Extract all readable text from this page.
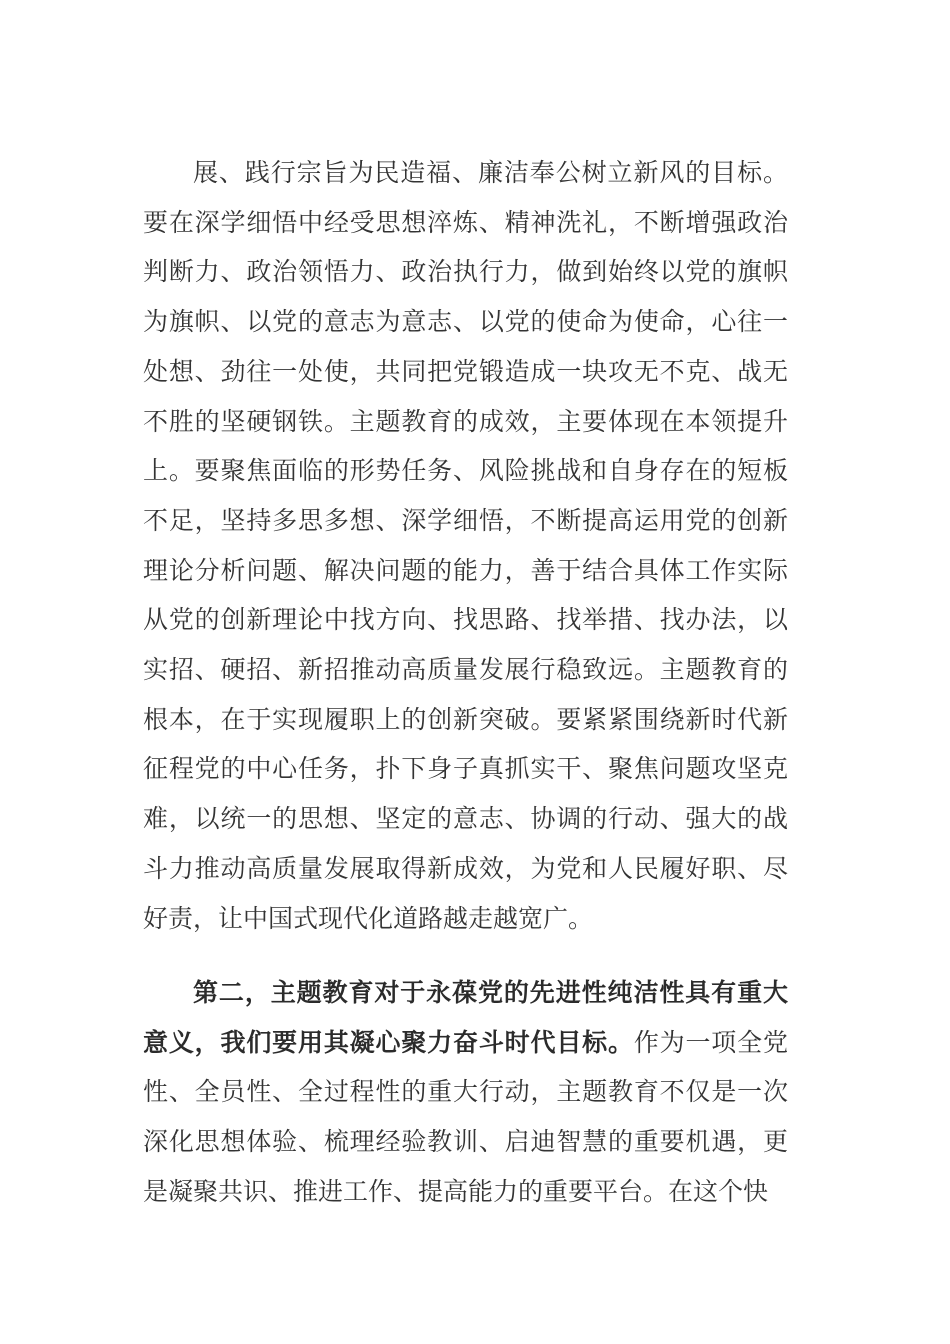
展、践行宗旨为民造福、廉洁奉公树立新风的目标。要在深学细悟中经受思想淬炼、精神洗礼，不断增强政治判断力、政治领悟力、政治执行力，做到始终以党的旗帜为旗帜、以党的意志为意志、以党的使命为使命，心往一处想、劲往一处使，共同把党锻造成一块攻无不克、战无不胜的坚硬钢铁。主题教育的成效，主要体现在本领提升上。要聚焦面临的形势任务、风险挑战和自身存在的短板不足，坚持多思多想、深学细悟，不断提高运用党的创新理论分析问题、解决问题的能力，善于结合具体工作实际从党的创新理论中找方向、找思路、找举措、找办法，以实招、硬招、新招推动高质量发展行稳致远。主题教育的根本，在于实现履职上的创新突破。要紧紧围绕新时代新征程党的中心任务，扑下身子真抓实干、聚焦问题攻坚克难，以统一的思想、坚定的意志、协调的行动、强大的战斗力推动高质量发展取得新成效，为党和人民履好职、尽好责，让中国式现代化道路越走越宽广。

第二，主题教育对于永葆党的先进性纯洁性具有重大意义，我们要用其凝心聚力奋斗时代目标。作为一项全党性、全员性、全过程性的重大行动，主题教育不仅是一次深化思想体验、梳理经验教训、启迪智慧的重要机遇，更是凝聚共识、推进工作、提高能力的重要平台。在这个快
